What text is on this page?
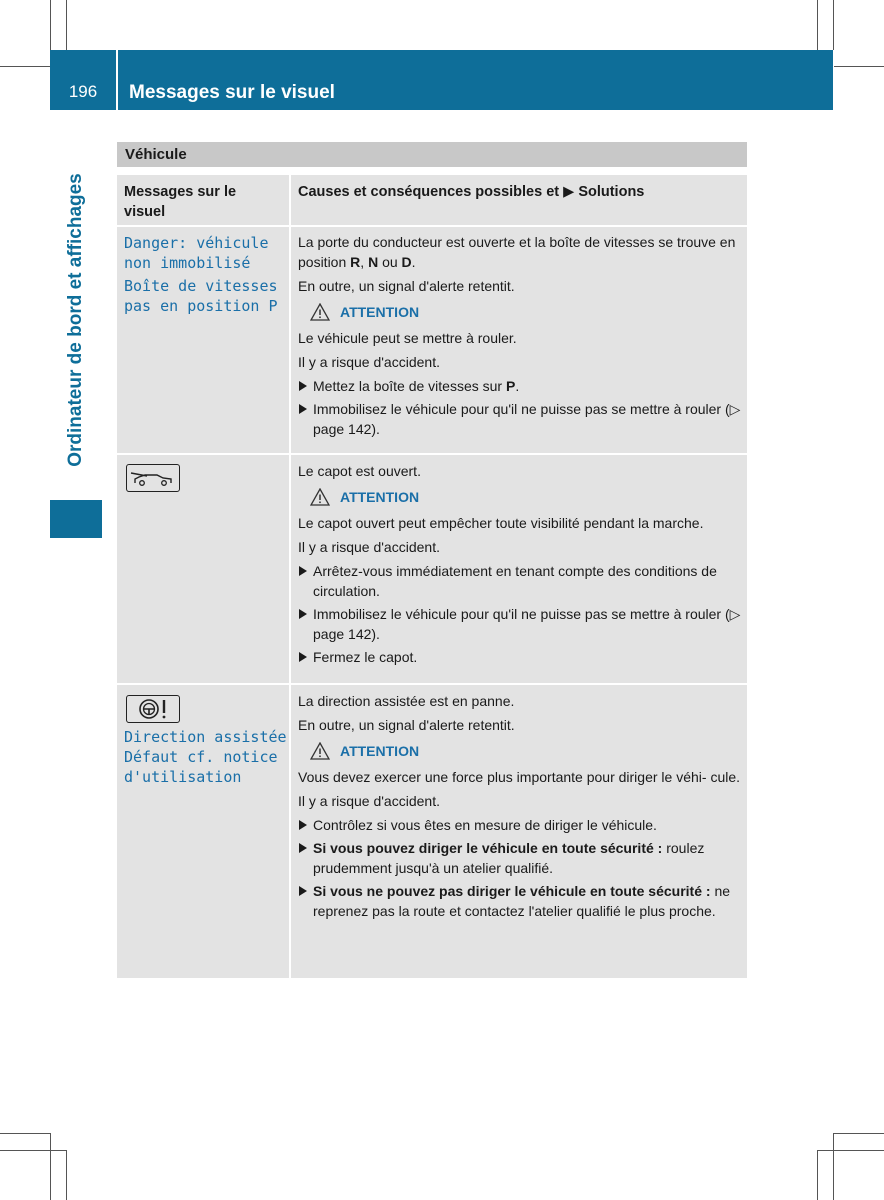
196	Messages sur le visuel
Ordinateur de bord et affichages
Véhicule
Messages sur le visuel
Causes et conséquences possibles et ▶ Solutions
Danger: véhicule non immobilisé
Boîte de vitesses pas en position P

La porte du conducteur est ouverte et la boîte de vitesses se trouve en position R, N ou D.

En outre, un signal d'alerte retentit.

ATTENTION

Le véhicule peut se mettre à rouler.

Il y a risque d'accident.

Mettez la boîte de vitesses sur P.
Immobilisez le véhicule pour qu'il ne puisse pas se mettre à rouler (▷ page 142).

Le capot est ouvert.

ATTENTION

Le capot ouvert peut empêcher toute visibilité pendant la marche.

Il y a risque d'accident.

Arrêtez-vous immédiatement en tenant compte des conditions de circulation.
Immobilisez le véhicule pour qu'il ne puisse pas se mettre à rouler (▷ page 142).
Fermez le capot.
Direction assistée Défaut cf. notice d'utilisation

La direction assistée est en panne.

En outre, un signal d'alerte retentit.

ATTENTION

Vous devez exercer une force plus importante pour diriger le véhi- cule.

Il y a risque d'accident.

Contrôlez si vous êtes en mesure de diriger le véhicule.
Si vous pouvez diriger le véhicule en toute sécurité : roulez prudemment jusqu'à un atelier qualifié.
Si vous ne pouvez pas diriger le véhicule en toute sécurité : ne reprenez pas la route et contactez l'atelier qualifié le plus proche.
